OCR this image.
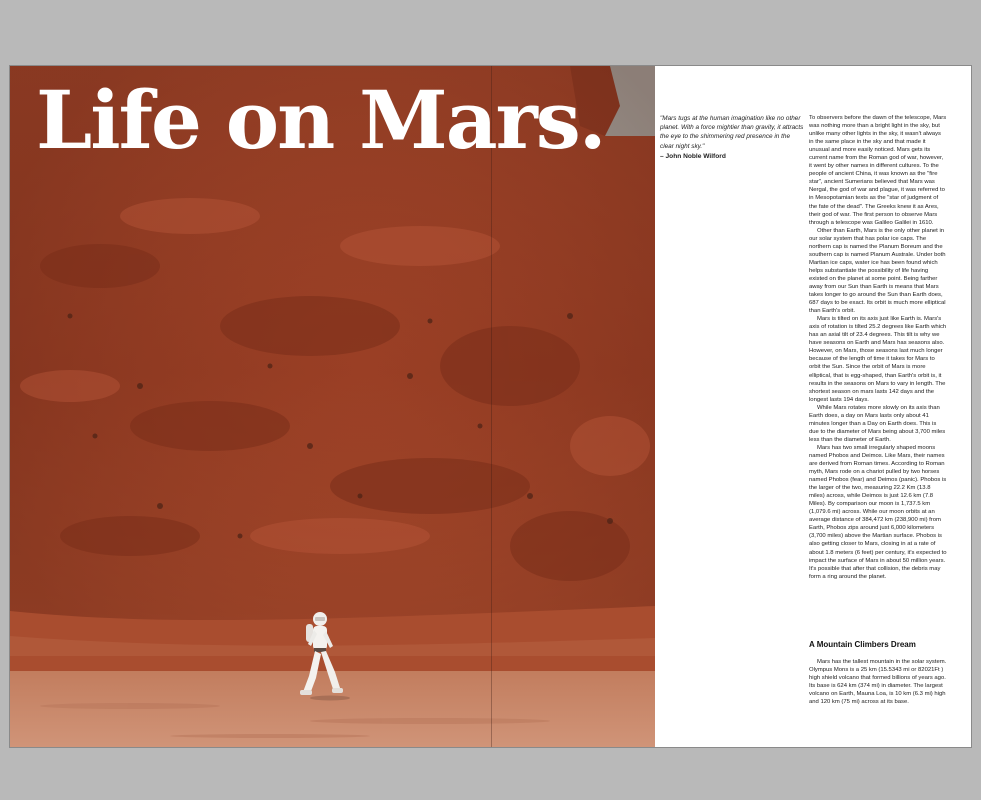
Life on Mars.	"Mars tugs at the human imagination like no other planet. With a force mightier than gravity, it attracts the eye to the shimmering red presence in the clear night sky."

– John Noble Wilford

To observers before the dawn of the telescope, Mars was nothing more than a bright light in the sky, but unlike many other lights in the sky, it wasn't always in the same place in the sky and that made it unusual and more easily noticed. Mars gets its current name from the Roman god of war, however, it went by other names in different cultures. To the people of ancient China, it was known as the "fire star", ancient Sumerians believed that Mars was Nergal, the god of war and plague, it was referred to in Mesopotamian texts as the "star of judgment of the fate of the dead". The Greeks knew it as Ares, their god of war. The first person to observe Mars through a telescope was Galileo Galilei in 1610.

Other than Earth, Mars is the only other planet in our solar system that has polar ice caps. The northern cap is named the Planum Boreum and the southern cap is named Planum Australe. Under both Martian ice caps, water ice has been found which helps substantiate the possibility of life having existed on the planet at some point. Being farther away from our Sun than Earth is means that Mars takes longer to go around the Sun than Earth does, 687 days to be exact. Its orbit is much more elliptical than Earth's orbit.

Mars is tilted on its axis just like Earth is. Mars's axis of rotation is tilted 25.2 degrees like Earth which has an axial tilt of 23.4 degrees. This tilt is why we have seasons on Earth and Mars has seasons also. However, on Mars, those seasons last much longer because of the length of time it takes for Mars to orbit the Sun. Since the orbit of Mars is more elliptical, that is egg-shaped, than Earth's orbit is, it results in the seasons on Mars to vary in length. The shortest season on mars lasts 142 days and the longest lasts 194 days.

While Mars rotates more slowly on its axis than Earth does, a day on Mars lasts only about 41 minutes longer than a Day on Earth does. This is due to the diameter of Mars being about 3,700 miles less than the diameter of Earth.

Mars has two small irregularly shaped moons named Phobos and Deimos. Like Mars, their names are derived from Roman times. According to Roman myth, Mars rode on a chariot pulled by two horses named Phobos (fear) and Deimos (panic). Phobos is the larger of the two, measuring 22.2 Km (13.8 miles) across, while Deimos is just 12.6 km (7.8 Miles). By comparison our moon is 1,737.5 km (1,079.6 mi) across. While our moon orbits at an average distance of 384,472 km (238,900 mi) from Earth, Phobos zips around just 6,000 kilometers (3,700 miles) above the Martian surface. Phobos is also getting closer to Mars, closing in at a rate of about 1.8 meters (6 feet) per century, it's expected to impact the surface of Mars in about 50 million years. It's possible that after that collision, the debris may form a ring around the planet.

A Mountain Climbers Dream

Mars has the tallest mountain in the solar system. Olympus Mons is a 25 km (15.5343 mi or 82021Ft ) high shield volcano that formed billions of years ago. Its base is 624 km (374 mi) in diameter. The largest volcano on Earth, Mauna Loa, is 10 km (6.3 mi) high and 120 km (75 mi) across at its base.
